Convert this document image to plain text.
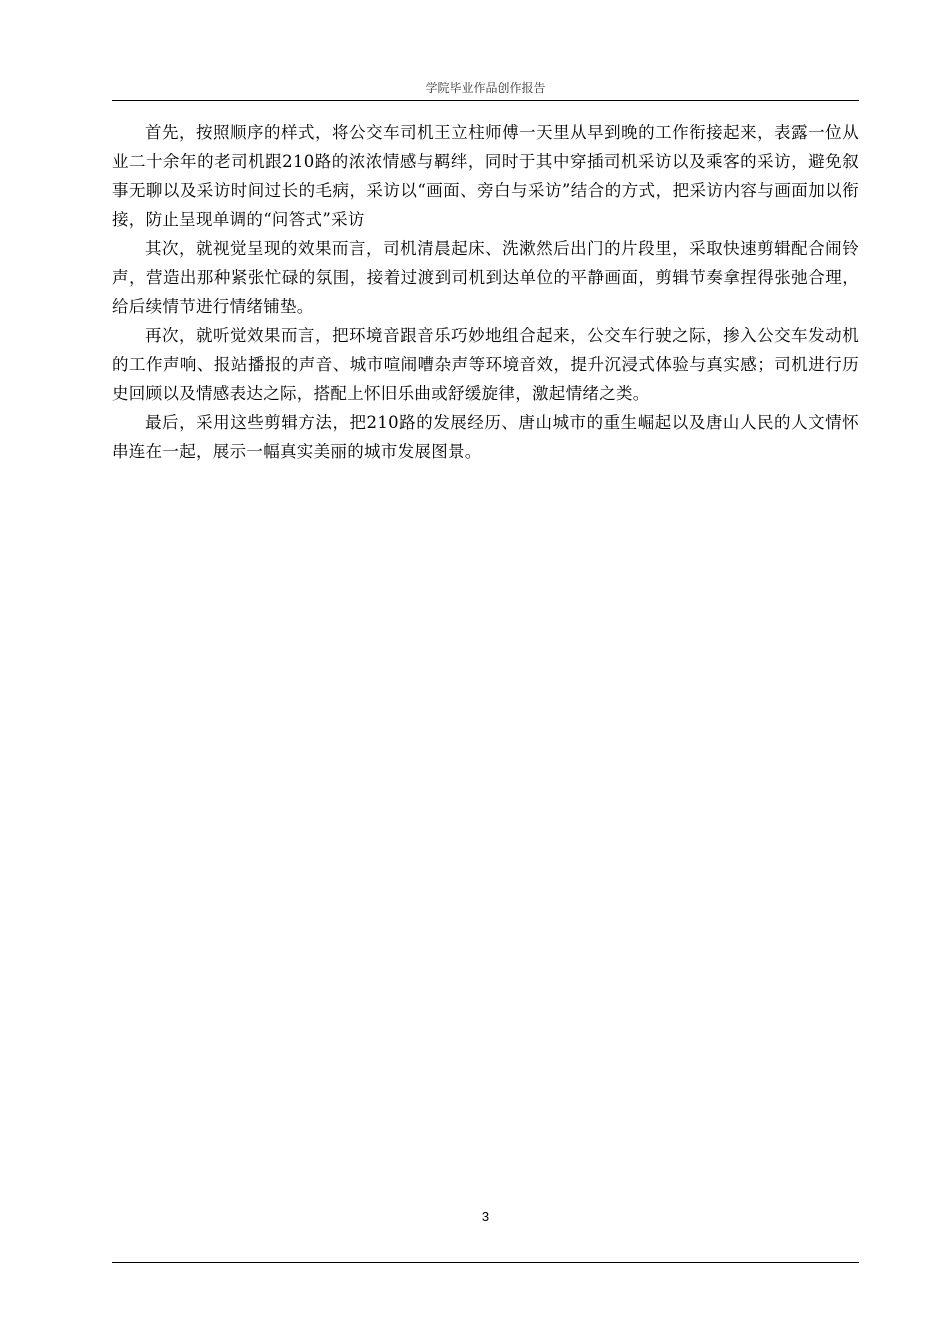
学院毕业作品创作报告

首先，按照顺序的样式，将公交车司机王立柱师傅一天里从早到晚的工作衔接起来，表露一位从业二十余年的老司机跟210路的浓浓情感与羁绊，同时于其中穿插司机采访以及乘客的采访，避免叙事无聊以及采访时间过长的毛病，采访以“画面、旁白与采访”结合的方式，把采访内容与画面加以衔接，防止呈现单调的“问答式”采访

其次，就视觉呈现的效果而言，司机清晨起床、洗漱然后出门的片段里，采取快速剪辑配合闹铃声，营造出那种紧张忙碌的氛围，接着过渡到司机到达单位的平静画面，剪辑节奏拿捏得张弛合理，给后续情节进行情绪铺垫。

再次，就听觉效果而言，把环境音跟音乐巧妙地组合起来，公交车行驶之际，掺入公交车发动机的工作声响、报站播报的声音、城市喧闹嘈杂声等环境音效，提升沉浸式体验与真实感；司机进行历史回顾以及情感表达之际，搭配上怀旧乐曲或舒缓旋律，激起情绪之类。

最后，采用这些剪辑方法，把210路的发展经历、唐山城市的重生崛起以及唐山人民的人文情怀串连在一起，展示一幅真实美丽的城市发展图景。

3
